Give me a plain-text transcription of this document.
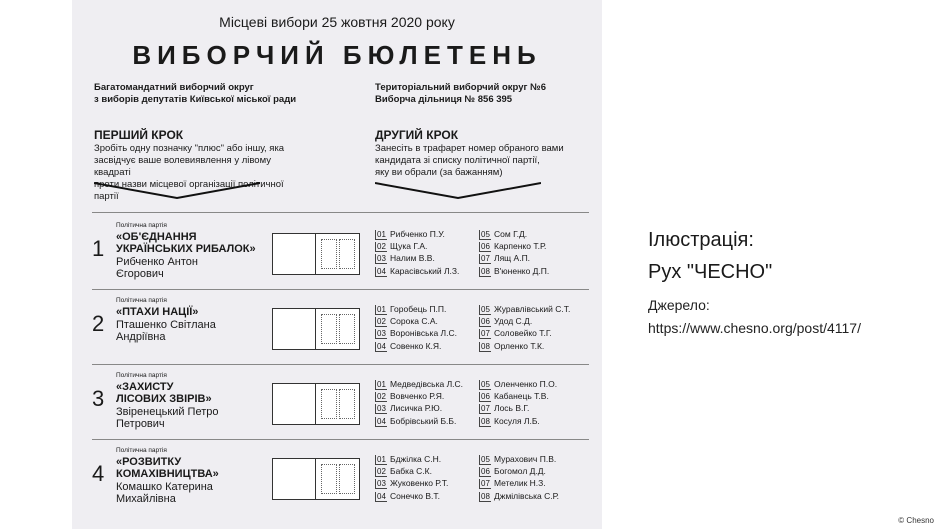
Місцеві вибори 25 жовтня 2020 року
ВИБОРЧИЙ БЮЛЕТЕНЬ
Багатомандатний виборчий округ
з виборів депутатів Київської міської ради
Територіальний виборчий округ №6
Виборча дільниця № 856 395
ПЕРШИЙ КРОК
Зробіть одну позначку "плюс" або іншу, яка
засвідчує ваше волевиявлення у лівому квадраті
проти назви місцевої організації політичної партії
ДРУГИЙ КРОК
Занесіть в трафарет номер обраного вами
кандидата зі списку політичної партії,
яку ви обрали (за бажанням)
1
Політична партія
«ОБ'ЄДНАННЯ
УКРАЇНСЬКИХ РИБАЛОК»
Рибченко Антон
Єгорович
01 Рибченко П.У.
02 Щука Г.А.
03 Налим В.В.
04 Карасівський Л.З.
05 Сом Г.Д.
06 Карпенко Т.Р.
07 Лящ А.П.
08 В'юненко Д.П.
2
Політична партія
«ПТАХИ НАЦІЇ»
Пташенко Світлана
Андріївна
01 Горобець П.П.
02 Сорока С.А.
03 Воронівська Л.С.
04 Совенко К.Я.
05 Журавлівський С.Т.
06 Удод С.Д.
07 Соловейко Т.Г.
08 Орленко Т.К.
3
Політична партія
«ЗАХИСТУ
ЛІСОВИХ ЗВІРІВ»
Звіренецький Петро
Петрович
01 Медведівська Л.С.
02 Вовченко Р.Я.
03 Лисичка Р.Ю.
04 Бобрівський Б.Б.
05 Оленченко П.О.
06 Кабанець Т.В.
07 Лось В.Г.
08 Косуля Л.Б.
4
Політична партія
«РОЗВИТКУ
КОМАХІВНИЦТВА»
Комашко Катерина
Михайлівна
01 Бджілка С.Н.
02 Бабка С.К.
03 Жуковенко Р.Т.
04 Сонечко В.Т.
05 Мурахович П.В.
06 Богомол Д.Д.
07 Метелик Н.З.
08 Джмілівська С.Р.
Ілюстрація:
Рух "ЧЕСНО"
Джерело:
https://www.chesno.org/post/4117/
© Chesno
